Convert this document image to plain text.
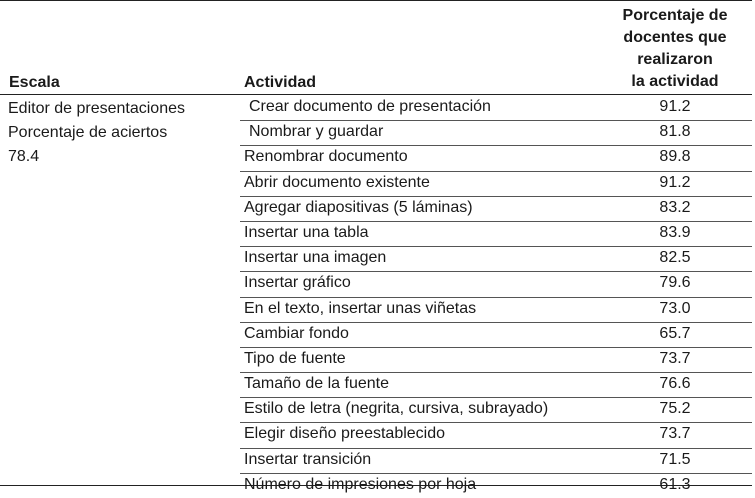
Escala	Actividad
Porcentaje de
docentes que
realizaron
la actividad
Editor de presentaciones
Porcentaje de aciertos
78.4
Crear documento de presentación	91.2
Nombrar y guardar	81.8
Renombrar documento	89.8
Abrir documento existente	91.2
Agregar diapositivas (5 láminas)	83.2
Insertar una tabla	83.9
Insertar una imagen	82.5
Insertar gráfico	79.6
En el texto, insertar unas viñetas	73.0
Cambiar fondo	65.7
Tipo de fuente	73.7
Tamaño de la fuente	76.6
Estilo de letra (negrita, cursiva, subrayado)	75.2
Elegir diseño preestablecido	73.7
Insertar transición	71.5
Número de impresiones por hoja	61.3
